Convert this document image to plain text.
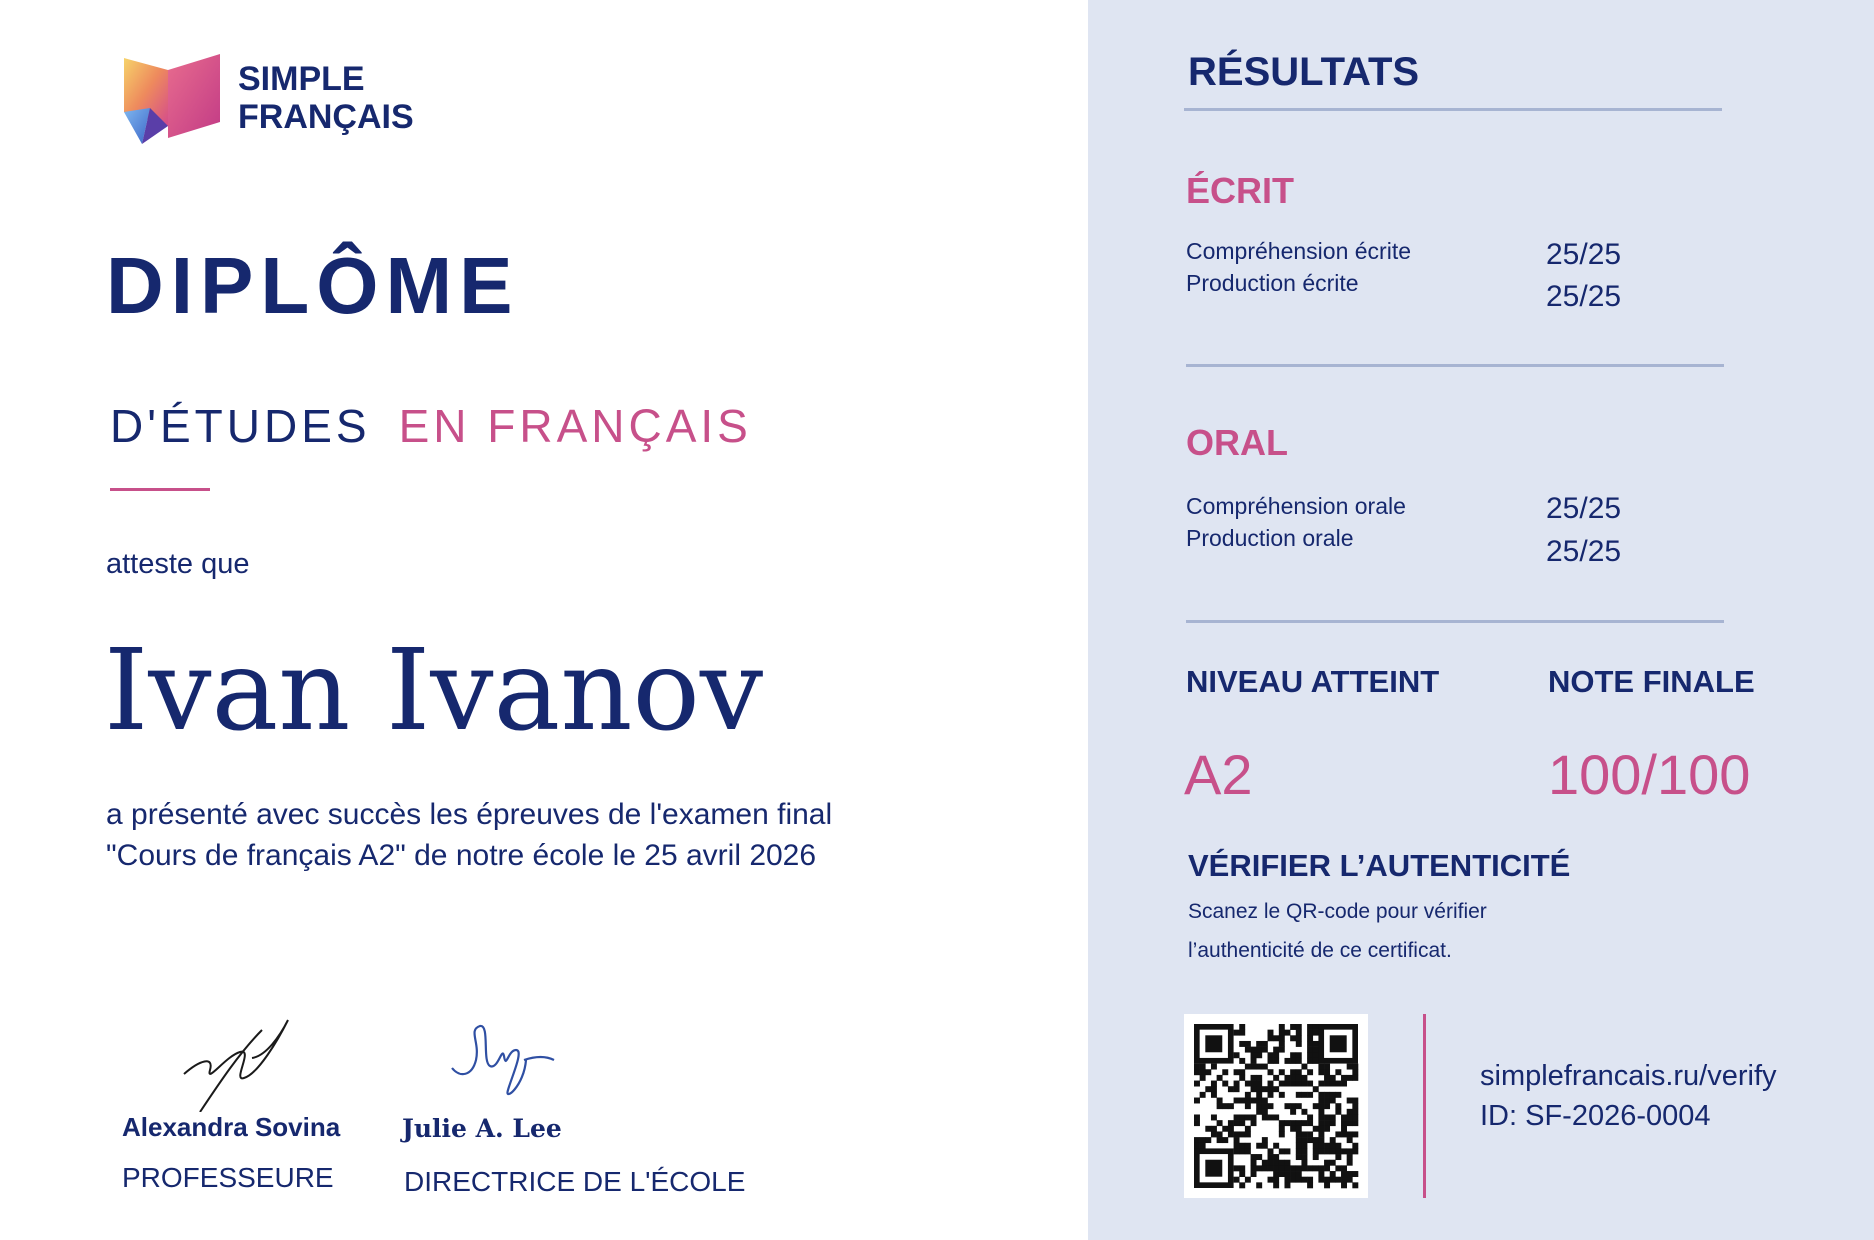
SIMPLE
FRANÇAIS
DIPLÔME
D'ÉTUDES EN FRANÇAIS
atteste que
Ivan Ivanov
a présenté avec succès les épreuves de l'examen final
"Cours de français A2" de notre école le 25 avril 2026
Alexandra Sovina
PROFESSEURE
Julie A. Lee
DIRECTRICE DE L'ÉCOLE
RÉSULTATS
ÉCRIT
Compréhension écrite
Production écrite
25/25
25/25
ORAL
Compréhension orale
Production orale
25/25
25/25
NIVEAU ATTEINT	NOTE FINALE
A2	100/100
VÉRIFIER L’AUTENTICITÉ
Scanez le QR-code pour vérifier
l’authenticité de ce certificat.
simplefrancais.ru/verify
ID: SF-2026-0004
